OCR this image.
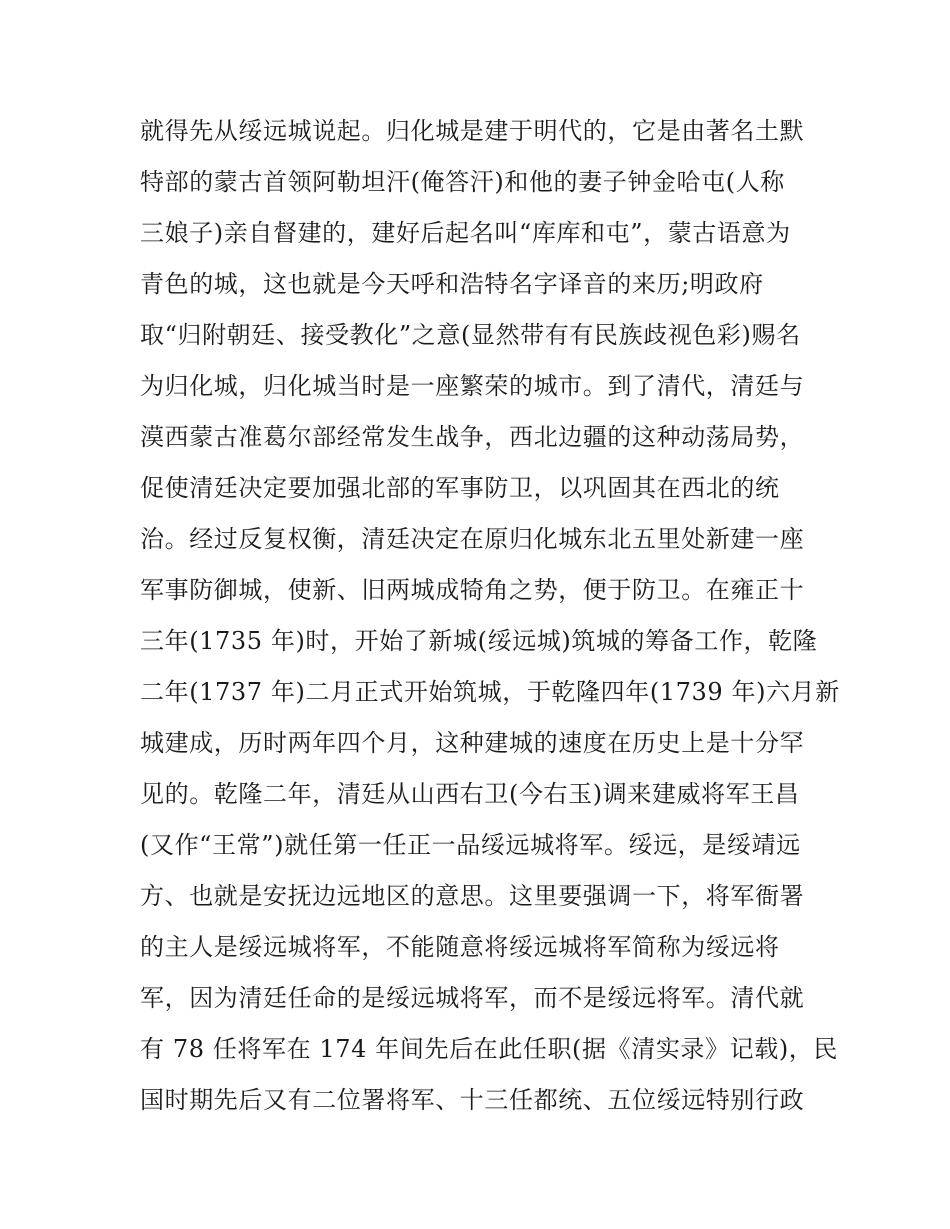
就得先从绥远城说起。归化城是建于明代的，它是由著名土默
特部的蒙古首领阿勒坦汗(俺答汗)和他的妻子钟金哈屯(人称
三娘子)亲自督建的，建好后起名叫“库库和屯”，蒙古语意为
青色的城，这也就是今天呼和浩特名字译音的来历;明政府
取“归附朝廷、接受教化”之意(显然带有有民族歧视色彩)赐名
为归化城，归化城当时是一座繁荣的城市。到了清代，清廷与
漠西蒙古准葛尔部经常发生战争，西北边疆的这种动荡局势，
促使清廷决定要加强北部的军事防卫，以巩固其在西北的统
治。经过反复权衡，清廷决定在原归化城东北五里处新建一座
军事防御城，使新、旧两城成犄角之势，便于防卫。在雍正十
三年(1735 年)时，开始了新城(绥远城)筑城的筹备工作，乾隆
二年(1737 年)二月正式开始筑城，于乾隆四年(1739 年)六月新
城建成，历时两年四个月，这种建城的速度在历史上是十分罕
见的。乾隆二年，清廷从山西右卫(今右玉)调来建威将军王昌
(又作“王常”)就任第一任正一品绥远城将军。绥远，是绥靖远
方、也就是安抚边远地区的意思。这里要强调一下，将军衙署
的主人是绥远城将军，不能随意将绥远城将军简称为绥远将
军，因为清廷任命的是绥远城将军，而不是绥远将军。清代就
有 78 任将军在 174 年间先后在此任职(据《清实录》记载)，民
国时期先后又有二位署将军、十三任都统、五位绥远特别行政
